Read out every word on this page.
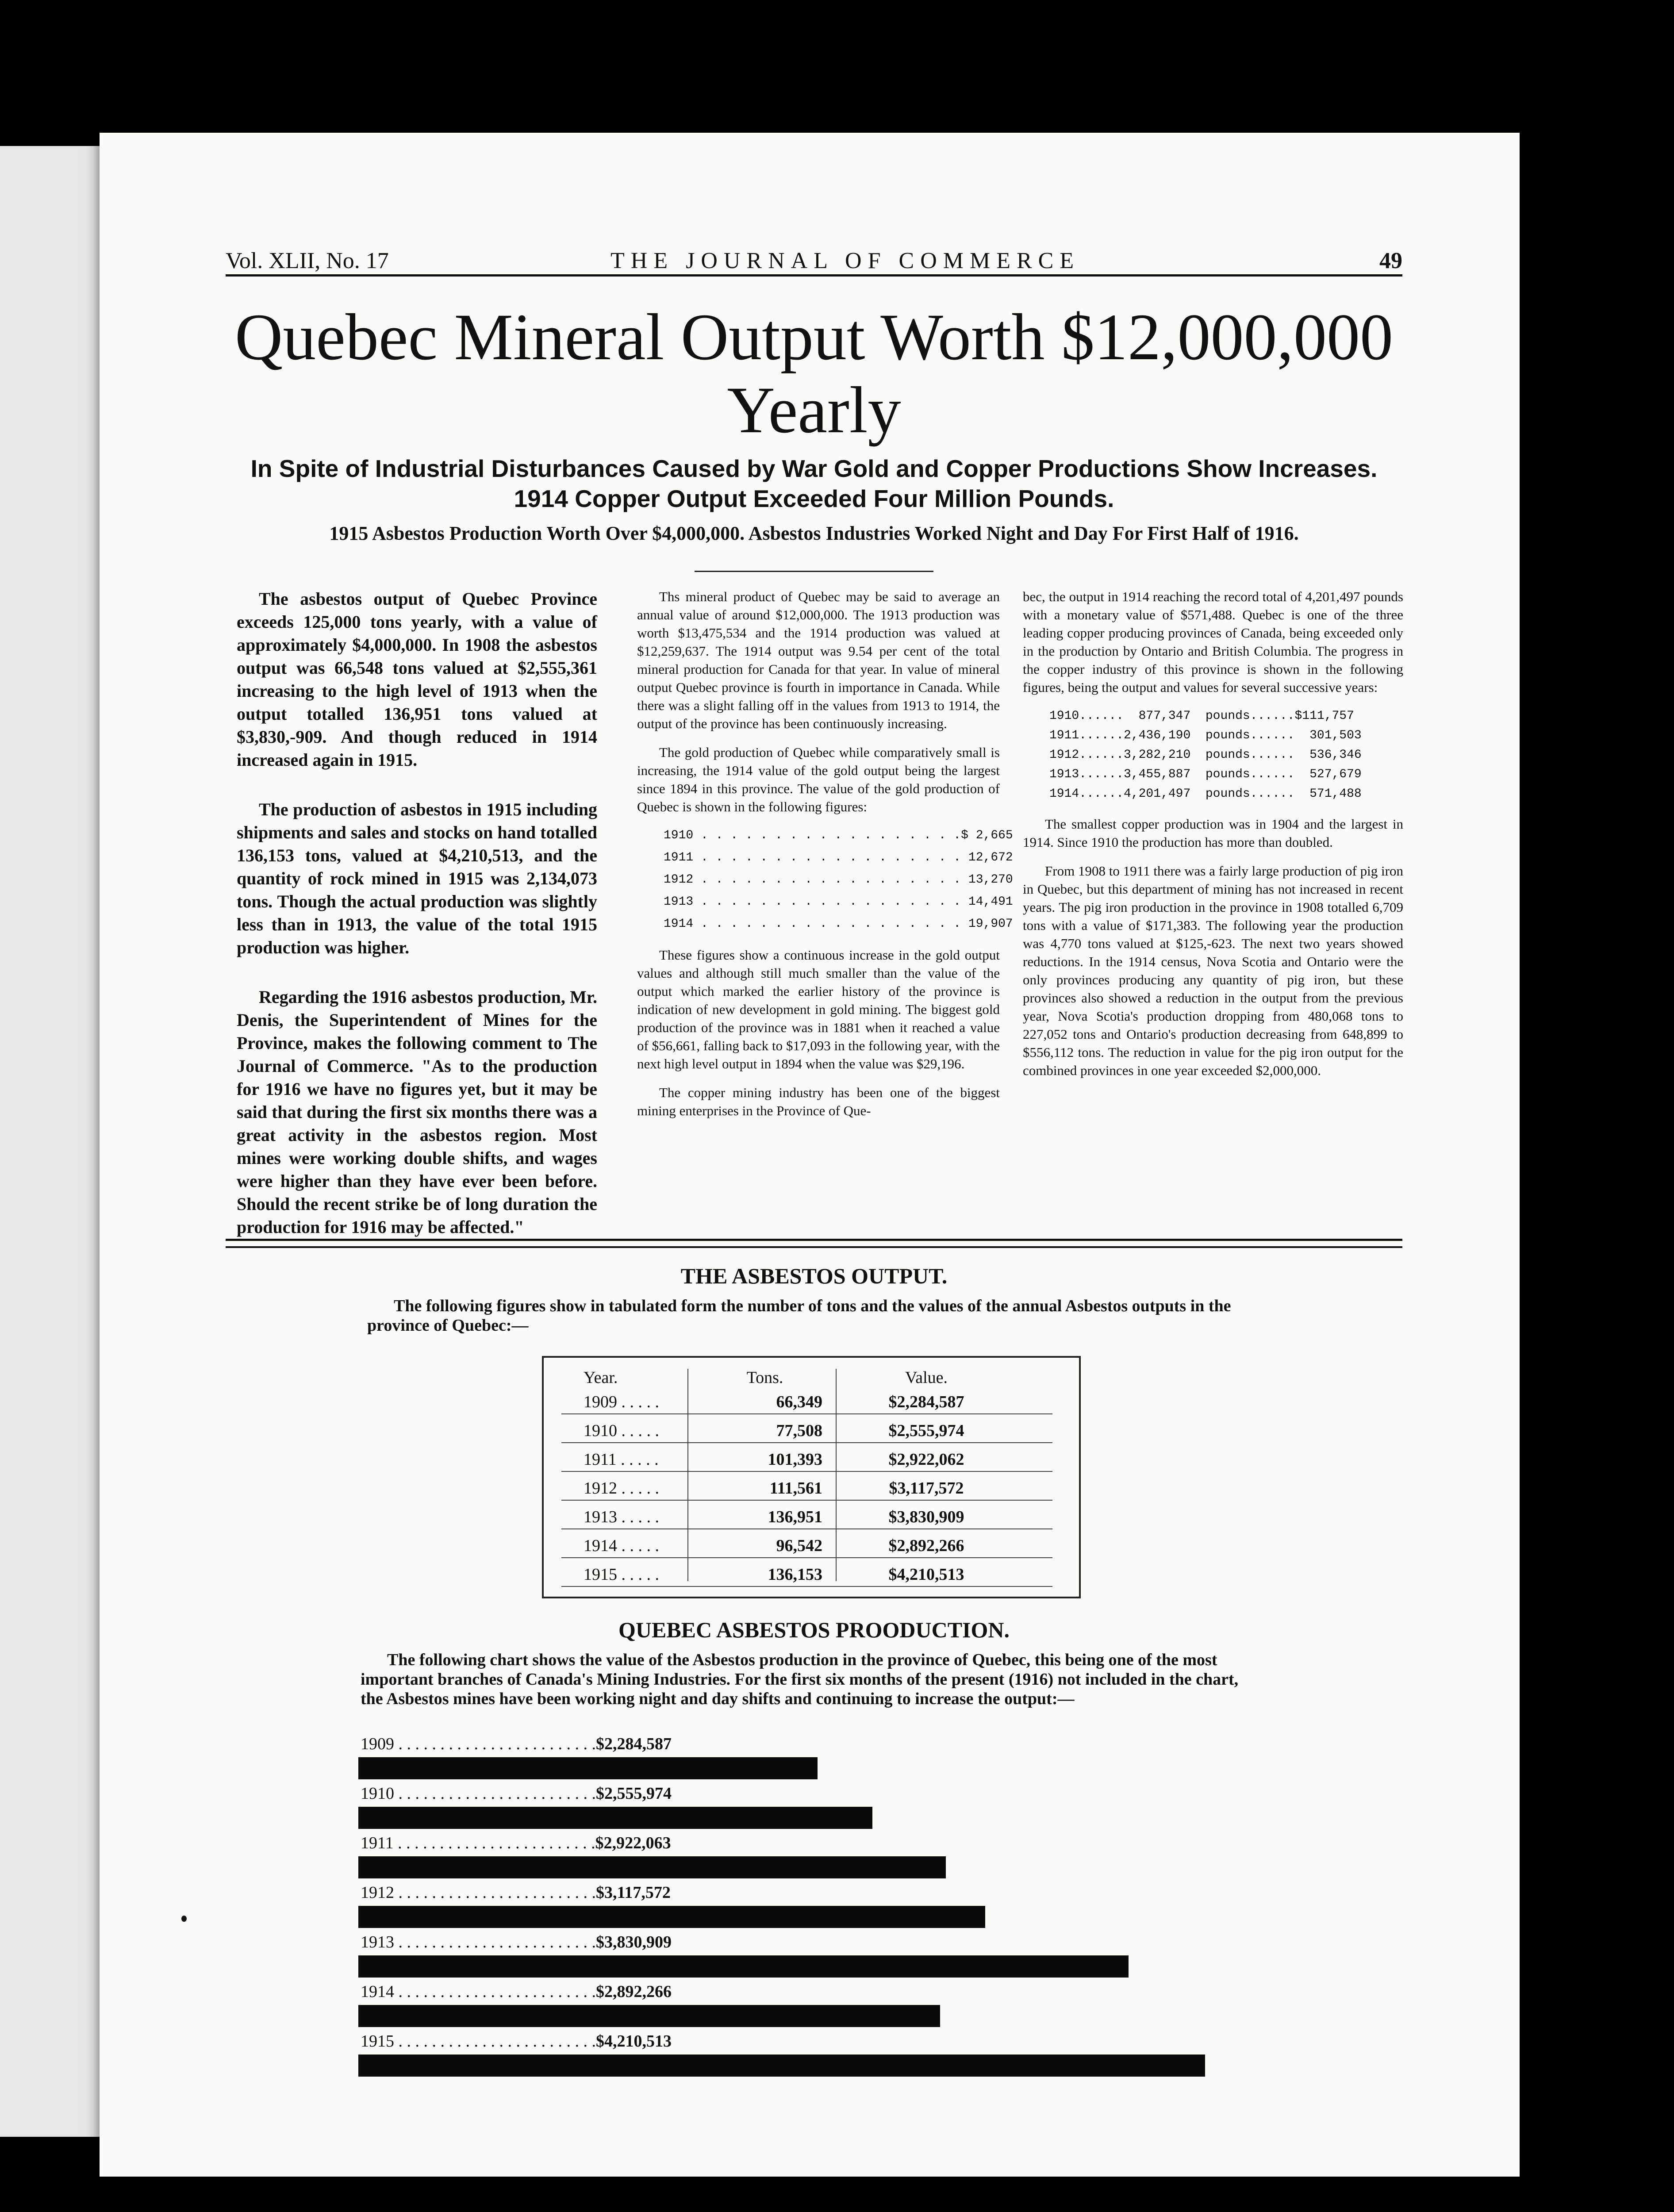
Vol. XLII, No. 17	THE JOURNAL OF COMMERCE	49
Quebec Mineral Output Worth $12,000,000 Yearly
In Spite of Industrial Disturbances Caused by War Gold and Copper Productions Show Increases. 1914 Copper Output Exceeded Four Million Pounds.
1915 Asbestos Production Worth Over $4,000,000. Asbestos Industries Worked Night and Day For First Half of 1916.

The asbestos output of Quebec Province exceeds 125,000 tons yearly, with a value of approximately $4,000,000. In 1908 the asbestos output was 66,548 tons valued at $2,555,361 increasing to the high level of 1913 when the output totalled 136,951 tons valued at $3,830,-909. And though reduced in 1914 increased again in 1915.

The production of asbestos in 1915 including shipments and sales and stocks on hand totalled 136,153 tons, valued at $4,210,513, and the quantity of rock mined in 1915 was 2,134,073 tons. Though the actual production was slightly less than in 1913, the value of the total 1915 production was higher.

Regarding the 1916 asbestos production, Mr. Denis, the Superintendent of Mines for the Province, makes the following comment to The Journal of Commerce. "As to the production for 1916 we have no figures yet, but it may be said that during the first six months there was a great activity in the asbestos region. Most mines were working double shifts, and wages were higher than they have ever been before. Should the recent strike be of long duration the production for 1916 may be affected."

Ths mineral product of Quebec may be said to average an annual value of around $12,000,000. The 1913 production was worth $13,475,534 and the 1914 production was valued at $12,259,637. The 1914 output was 9.54 per cent of the total mineral production for Canada for that year. In value of mineral output Quebec province is fourth in importance in Canada. While there was a slight falling off in the values from 1913 to 1914, the output of the province has been continuously increasing.

The gold production of Quebec while comparatively small is increasing, the 1914 value of the gold output being the largest since 1894 in this province. The value of the gold production of Quebec is shown in the following figures:

1910 . . . . . . . . . . . . . . . . . .$ 2,665
1911 . . . . . . . . . . . . . . . . . . 12,672
1912 . . . . . . . . . . . . . . . . . . 13,270
1913 . . . . . . . . . . . . . . . . . . 14,491
1914 . . . . . . . . . . . . . . . . . . 19,907

These figures show a continuous increase in the gold output values and although still much smaller than the value of the output which marked the earlier history of the province is indication of new development in gold mining. The biggest gold production of the province was in 1881 when it reached a value of $56,661, falling back to $17,093 in the following year, with the next high level output in 1894 when the value was $29,196.

The copper mining industry has been one of the biggest mining enterprises in the Province of Que-

bec, the output in 1914 reaching the record total of 4,201,497 pounds with a monetary value of $571,488. Quebec is one of the three leading copper producing provinces of Canada, being exceeded only in the production by Ontario and British Columbia. The progress in the copper industry of this province is shown in the following figures, being the output and values for several successive years:

1910......  877,347  pounds......$111,757
1911......2,436,190  pounds......  301,503
1912......3,282,210  pounds......  536,346
1913......3,455,887  pounds......  527,679
1914......4,201,497  pounds......  571,488

The smallest copper production was in 1904 and the largest in 1914. Since 1910 the production has more than doubled.

From 1908 to 1911 there was a fairly large production of pig iron in Quebec, but this department of mining has not increased in recent years. The pig iron production in the province in 1908 totalled 6,709 tons with a value of $171,383. The following year the production was 4,770 tons valued at $125,-623. The next two years showed reductions. In the 1914 census, Nova Scotia and Ontario were the only provinces producing any quantity of pig iron, but these provinces also showed a reduction in the output from the previous year, Nova Scotia's production dropping from 480,068 tons to 227,052 tons and Ontario's production decreasing from 648,899 to $556,112 tons. The reduction in value for the pig iron output for the combined provinces in one year exceeded $2,000,000.

THE ASBESTOS OUTPUT.
The following figures show in tabulated form the number of tons and the values of the annual Asbestos outputs in the province of Quebec:—
Year.	Tons.	Value.
1909 . . . . .	66,349	$2,284,587
1910 . . . . .	77,508	$2,555,974
1911 . . . . .	101,393	$2,922,062
1912 . . . . .	111,561	$3,117,572
1913 . . . . .	136,951	$3,830,909
1914 . . . . .	96,542	$2,892,266
1915 . . . . .	136,153	$4,210,513
QUEBEC ASBESTOS PROODUCTION.
The following chart shows the value of the Asbestos production in the province of Quebec, this being one of the most important branches of Canada's Mining Industries. For the first six months of the present (1916) not included in the chart, the Asbestos mines have been working night and day shifts and continuing to increase the output:—
1909 . . . . . . . . . . . . . . . . . . . . . . . .$2,284,587
1910 . . . . . . . . . . . . . . . . . . . . . . . .$2,555,974
1911 . . . . . . . . . . . . . . . . . . . . . . . .$2,922,063
1912 . . . . . . . . . . . . . . . . . . . . . . . .$3,117,572
1913 . . . . . . . . . . . . . . . . . . . . . . . .$3,830,909
1914 . . . . . . . . . . . . . . . . . . . . . . . .$2,892,266
1915 . . . . . . . . . . . . . . . . . . . . . . . .$4,210,513
